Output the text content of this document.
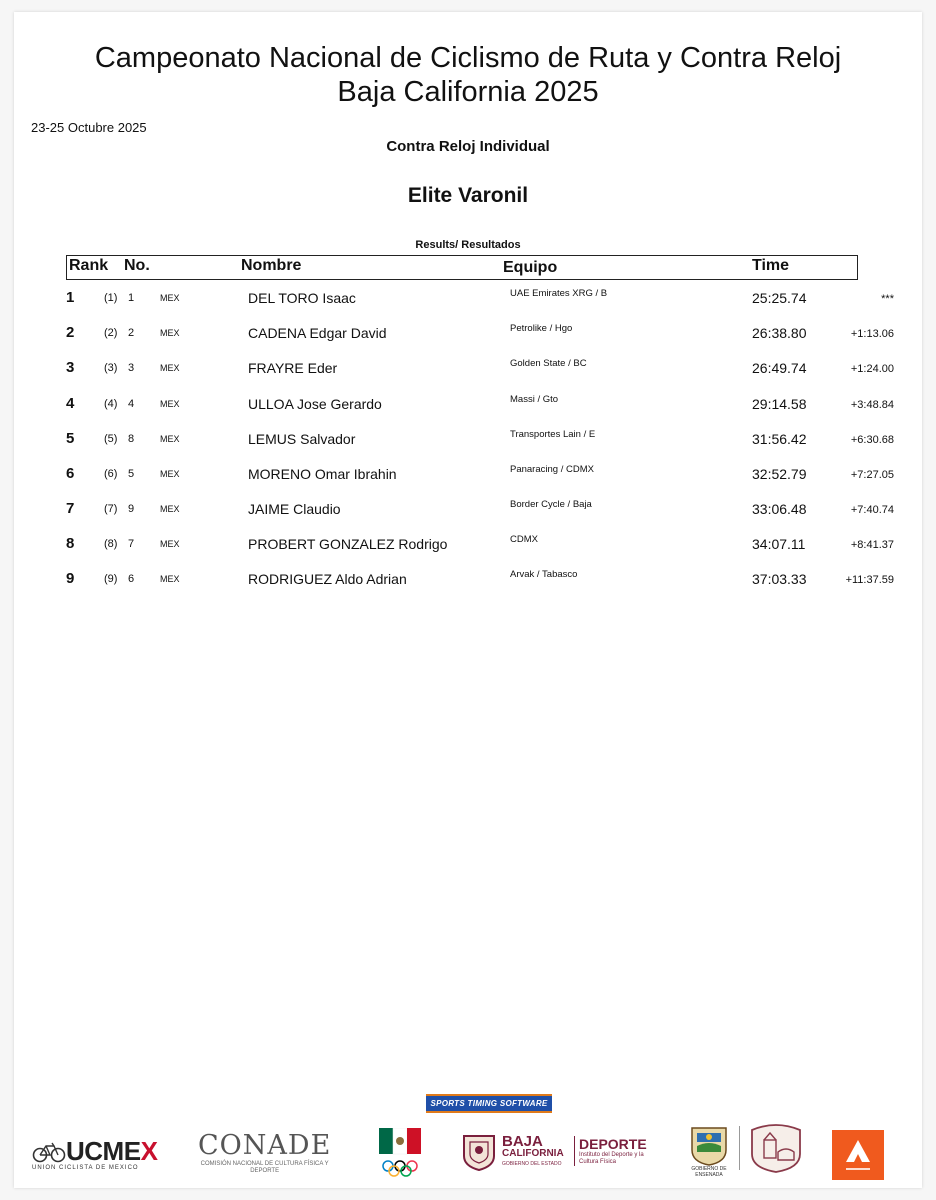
Campeonato Nacional de Ciclismo de Ruta y Contra Reloj
Baja California 2025
23-25 Octubre 2025
Contra Reloj Individual
Elite Varonil
Results/ Resultados
Rank No.	Nombre	Equipo	Time
1	(1) 1	MEX	DEL TORO Isaac	UAE Emirates XRG / B	25:25.74	***
2	(2) 2	MEX	CADENA Edgar David	Petrolike / Hgo	26:38.80	+1:13.06
3	(3) 3	MEX	FRAYRE Eder	Golden State / BC	26:49.74	+1:24.00
4	(4) 4	MEX	ULLOA Jose Gerardo	Massi / Gto	29:14.58	+3:48.84
5	(5) 8	MEX	LEMUS Salvador	Transportes Lain / E	31:56.42	+6:30.68
6	(6) 5	MEX	MORENO Omar Ibrahin	Panaracing / CDMX	32:52.79	+7:27.05
7	(7) 9	MEX	JAIME Claudio	Border Cycle / Baja	33:06.48	+7:40.74
8	(8) 7	MEX	PROBERT GONZALEZ Rodrigo	CDMX	34:07.11	+8:41.37
9	(9) 6	MEX	RODRIGUEZ Aldo Adrian	Arvak / Tabasco	37:03.33	+11:37.59
SPORTS TIMING SOFTWARE
UCMEX
UNION CICLISTA DE MEXICO
CONADE
COMISIÓN NACIONAL DE CULTURA FÍSICA Y DEPORTE
BAJA
CALIFORNIA
GOBIERNO DEL ESTADO
DEPORTE
Instituto del Deporte y la Cultura Física
GOBIERNO DE ENSENADA
